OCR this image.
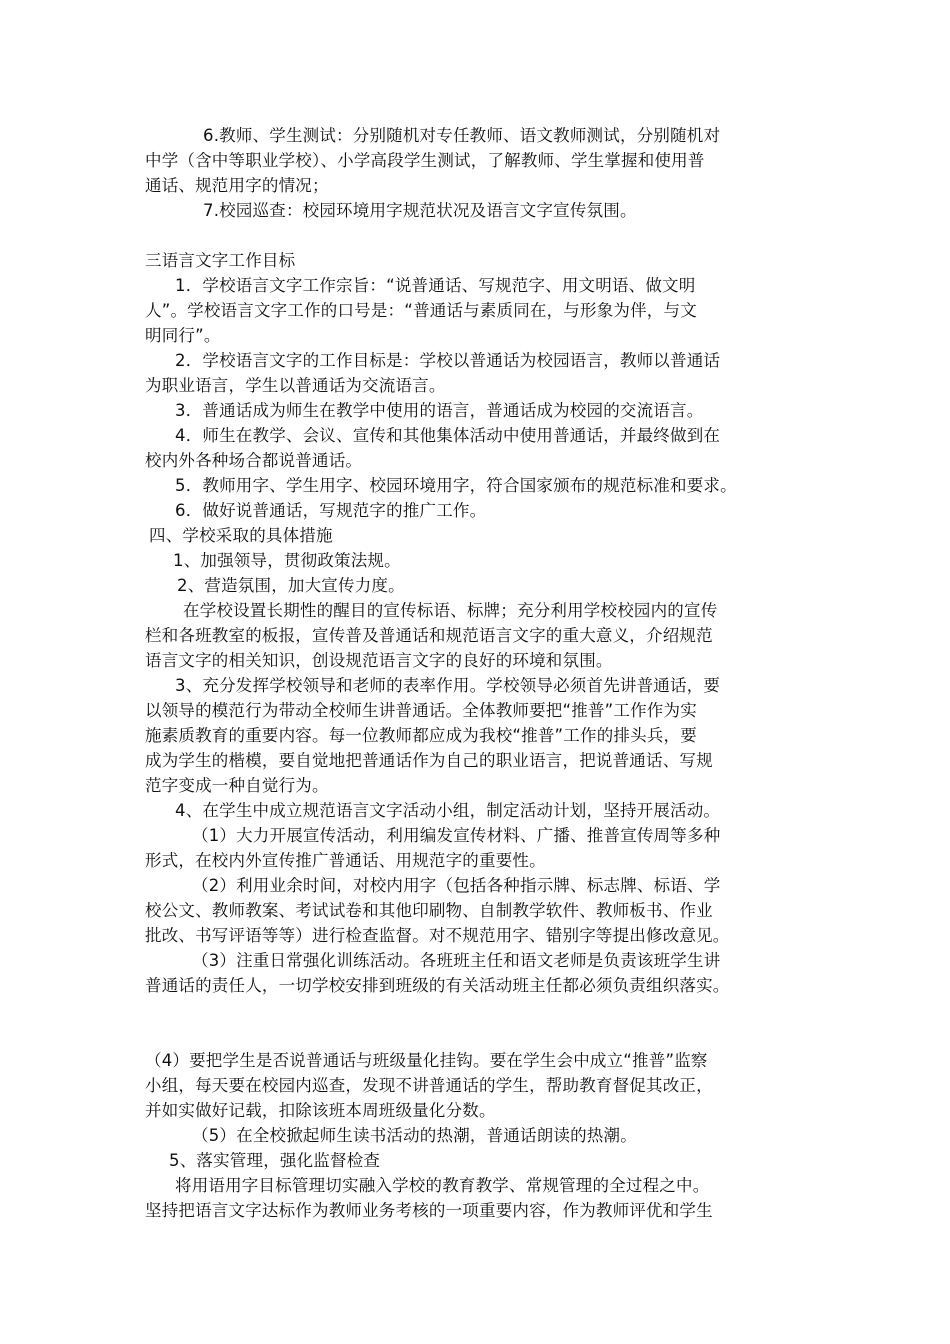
6.教师、学生测试：分别随机对专任教师、语文教师测试，分别随机对
中学（含中等职业学校）、小学高段学生测试，了解教师、学生掌握和使用普
通话、规范用字的情况；
7.校园巡查：校园环境用字规范状况及语言文字宣传氛围。
三语言文字工作目标
1．学校语言文字工作宗旨：“说普通话、写规范字、用文明语、做文明
人”。学校语言文字工作的口号是：“普通话与素质同在，与形象为伴，与文
明同行”。
2．学校语言文字的工作目标是：学校以普通话为校园语言，教师以普通话
为职业语言，学生以普通话为交流语言。
3．普通话成为师生在教学中使用的语言，普通话成为校园的交流语言。
4．师生在教学、会议、宣传和其他集体活动中使用普通话，并最终做到在
校内外各种场合都说普通话。
5．教师用字、学生用字、校园环境用字，符合国家颁布的规范标准和要求。
6．做好说普通话，写规范字的推广工作。
四、学校采取的具体措施
1、加强领导，贯彻政策法规。
2、营造氛围，加大宣传力度。
在学校设置长期性的醒目的宣传标语、标牌；充分利用学校校园内的宣传
栏和各班教室的板报，宣传普及普通话和规范语言文字的重大意义，介绍规范
语言文字的相关知识，创设规范语言文字的良好的环境和氛围。
3、充分发挥学校领导和老师的表率作用。学校领导必须首先讲普通话，要
以领导的模范行为带动全校师生讲普通话。全体教师要把“推普”工作作为实
施素质教育的重要内容。每一位教师都应成为我校“推普”工作的排头兵，要
成为学生的楷模，要自觉地把普通话作为自己的职业语言，把说普通话、写规
范字变成一种自觉行为。
4、在学生中成立规范语言文字活动小组，制定活动计划，坚持开展活动。
（1）大力开展宣传活动，利用编发宣传材料、广播、推普宣传周等多种
形式，在校内外宣传推广普通话、用规范字的重要性。
（2）利用业余时间，对校内用字（包括各种指示牌、标志牌、标语、学
校公文、教师教案、考试试卷和其他印刷物、自制教学软件、教师板书、作业
批改、书写评语等等）进行检查监督。对不规范用字、错别字等提出修改意见。
（3）注重日常强化训练活动。各班班主任和语文老师是负责该班学生讲
普通话的责任人，一切学校安排到班级的有关活动班主任都必须负责组织落实。
（4）要把学生是否说普通话与班级量化挂钩。要在学生会中成立“推普”监察
小组，每天要在校园内巡查，发现不讲普通话的学生，帮助教育督促其改正，
并如实做好记载，扣除该班本周班级量化分数。
（5）在全校掀起师生读书活动的热潮，普通话朗读的热潮。
5、落实管理，强化监督检查
将用语用字目标管理切实融入学校的教育教学、常规管理的全过程之中。
坚持把语言文字达标作为教师业务考核的一项重要内容，作为教师评优和学生
